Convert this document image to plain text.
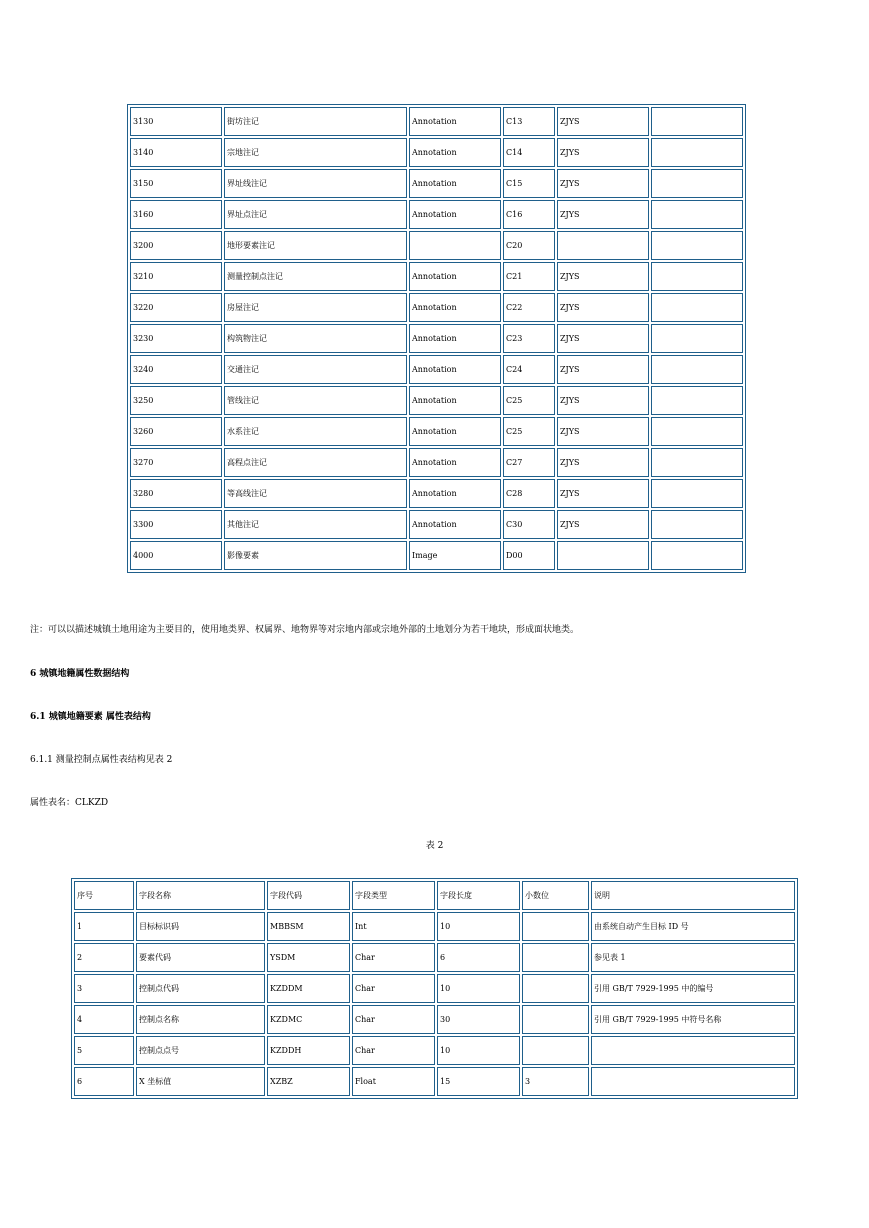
3130	街坊注记	Annotation	C13	ZJYS	
3140	宗地注记	Annotation	C14	ZJYS	
3150	界址线注记	Annotation	C15	ZJYS	
3160	界址点注记	Annotation	C16	ZJYS	
3200	地形要素注记		C20		
3210	测量控制点注记	Annotation	C21	ZJYS	
3220	房屋注记	Annotation	C22	ZJYS	
3230	构筑物注记	Annotation	C23	ZJYS	
3240	交通注记	Annotation	C24	ZJYS	
3250	管线注记	Annotation	C25	ZJYS	
3260	水系注记	Annotation	C25	ZJYS	
3270	高程点注记	Annotation	C27	ZJYS	
3280	等高线注记	Annotation	C28	ZJYS	
3300	其他注记	Annotation	C30	ZJYS	
4000	影像要素	Image	D00		
注：可以以描述城镇土地用途为主要目的，使用地类界、权属界、地物界等对宗地内部或宗地外部的土地划分为若干地块，形成面状地类。
6 城镇地籍属性数据结构
6.1 城镇地籍要素 属性表结构
6.1.1 测量控制点属性表结构见表 2
属性表名：CLKZD
表 2
序号	字段名称	字段代码	字段类型	字段长度	小数位	说明
1	目标标识码	MBBSM	Int	10		由系统自动产生目标 ID 号
2	要素代码	YSDM	Char	6		参见表 1
3	控制点代码	KZDDM	Char	10		引用 GB/T 7929-1995 中的编号
4	控制点名称	KZDMC	Char	30		引用 GB/T 7929-1995 中符号名称
5	控制点点号	KZDDH	Char	10		
6	X 坐标值	XZBZ	Float	15	3	
